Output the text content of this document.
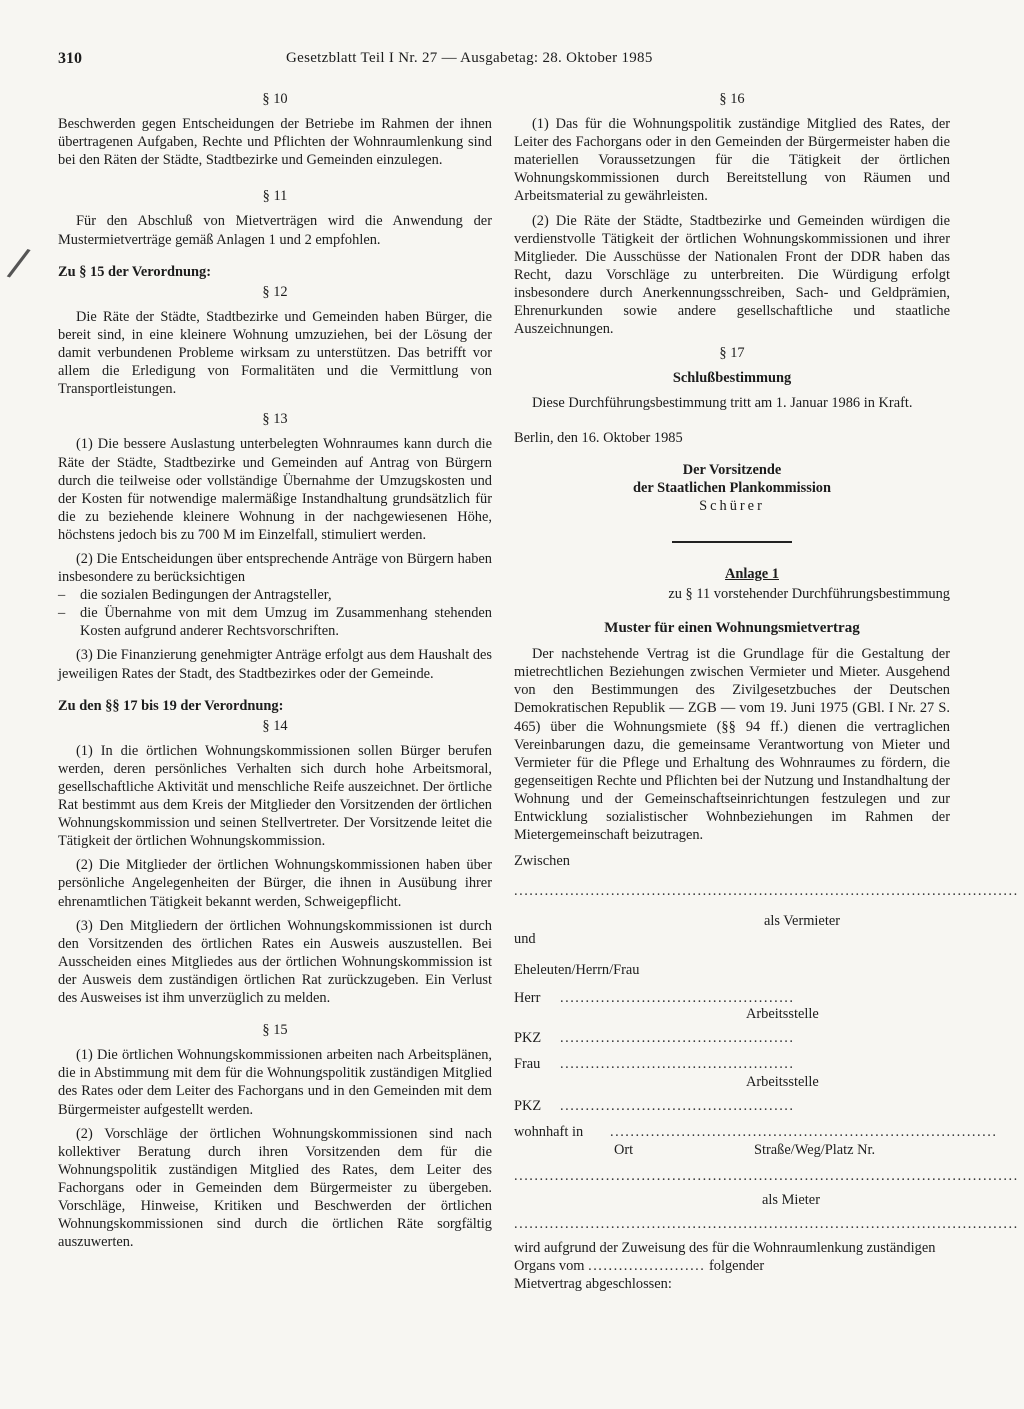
310	Gesetzblatt Teil I Nr. 27 — Ausgabetag: 28. Oktober 1985
/
§ 10

Beschwerden gegen Entscheidungen der Betriebe im Rahmen der ihnen übertragenen Aufgaben, Rechte und Pflichten der Wohnraumlenkung sind bei den Räten der Städte, Stadtbezirke und Gemeinden einzulegen.

§ 11

Für den Abschluß von Mietverträgen wird die Anwendung der Mustermietverträge gemäß Anlagen 1 und 2 empfohlen.

Zu § 15 der Verordnung:
§ 12

Die Räte der Städte, Stadtbezirke und Gemeinden haben Bürger, die bereit sind, in eine kleinere Wohnung umzuziehen, bei der Lösung der damit verbundenen Probleme wirksam zu unterstützen. Das betrifft vor allem die Erledigung von Formalitäten und die Vermittlung von Transportleistungen.

§ 13

(1) Die bessere Auslastung unterbelegten Wohnraumes kann durch die Räte der Städte, Stadtbezirke und Gemeinden auf Antrag von Bürgern durch die teilweise oder vollständige Übernahme der Umzugskosten und der Kosten für notwendige malermäßige Instandhaltung grundsätzlich für die zu beziehende kleinere Wohnung in der nachgewiesenen Höhe, höchstens jedoch bis zu 700 M im Einzelfall, stimuliert werden.

(2) Die Entscheidungen über entsprechende Anträge von Bürgern haben insbesondere zu berücksichtigen

– die sozialen Bedingungen der Antragsteller,
– die Übernahme von mit dem Umzug im Zusammenhang stehenden Kosten aufgrund anderer Rechtsvorschriften.

(3) Die Finanzierung genehmigter Anträge erfolgt aus dem Haushalt des jeweiligen Rates der Stadt, des Stadtbezirkes oder der Gemeinde.

Zu den §§ 17 bis 19 der Verordnung:
§ 14

(1) In die örtlichen Wohnungskommissionen sollen Bürger berufen werden, deren persönliches Verhalten sich durch hohe Arbeitsmoral, gesellschaftliche Aktivität und menschliche Reife auszeichnet. Der örtliche Rat bestimmt aus dem Kreis der Mitglieder den Vorsitzenden der örtlichen Wohnungskommission und seinen Stellvertreter. Der Vorsitzende leitet die Tätigkeit der örtlichen Wohnungskommission.

(2) Die Mitglieder der örtlichen Wohnungskommissionen haben über persönliche Angelegenheiten der Bürger, die ihnen in Ausübung ihrer ehrenamtlichen Tätigkeit bekannt werden, Schweigepflicht.

(3) Den Mitgliedern der örtlichen Wohnungskommissionen ist durch den Vorsitzenden des örtlichen Rates ein Ausweis auszustellen. Bei Ausscheiden eines Mitgliedes aus der örtlichen Wohnungskommission ist der Ausweis dem zuständigen örtlichen Rat zurückzugeben. Ein Verlust des Ausweises ist ihm unverzüglich zu melden.

§ 15

(1) Die örtlichen Wohnungskommissionen arbeiten nach Arbeitsplänen, die in Abstimmung mit dem für die Wohnungspolitik zuständigen Mitglied des Rates oder dem Leiter des Fachorgans und in den Gemeinden mit dem Bürgermeister aufgestellt werden.

(2) Vorschläge der örtlichen Wohnungskommissionen sind nach kollektiver Beratung durch ihren Vorsitzenden dem für die Wohnungspolitik zuständigen Mitglied des Rates, dem Leiter des Fachorgans oder in Gemeinden dem Bürgermeister zu übergeben. Vorschläge, Hinweise, Kritiken und Beschwerden der örtlichen Wohnungskommissionen sind durch die örtlichen Räte sorgfältig auszuwerten.

§ 16

(1) Das für die Wohnungspolitik zuständige Mitglied des Rates, der Leiter des Fachorgans oder in den Gemeinden der Bürgermeister haben die materiellen Voraussetzungen für die Tätigkeit der örtlichen Wohnungskommissionen durch Bereitstellung von Räumen und Arbeitsmaterial zu gewährleisten.

(2) Die Räte der Städte, Stadtbezirke und Gemeinden würdigen die verdienstvolle Tätigkeit der örtlichen Wohnungskommissionen und ihrer Mitglieder. Die Ausschüsse der Nationalen Front der DDR haben das Recht, dazu Vorschläge zu unterbreiten. Die Würdigung erfolgt insbesondere durch Anerkennungsschreiben, Sach- und Geldprämien, Ehrenurkunden sowie andere gesellschaftliche und staatliche Auszeichnungen.

§ 17
Schlußbestimmung

Diese Durchführungsbestimmung tritt am 1. Januar 1986 in Kraft.

Berlin, den 16. Oktober 1985

Der Vorsitzende
der Staatlichen Plankommission
Schürer
Anlage 1
zu § 11 vorstehender Durchführungsbestimmung
Muster für einen Wohnungsmietvertrag

Der nachstehende Vertrag ist die Grundlage für die Gestaltung der mietrechtlichen Beziehungen zwischen Vermieter und Mieter. Ausgehend von den Bestimmungen des Zivilgesetzbuches der Deutschen Demokratischen Republik — ZGB — vom 19. Juni 1975 (GBl. I Nr. 27 S. 465) über die Wohnungsmiete (§§ 94 ff.) dienen die vertraglichen Vereinbarungen dazu, die gemeinsame Verantwortung von Mieter und Vermieter für die Pflege und Erhaltung des Wohnraumes zu fördern, die gegenseitigen Rechte und Pflichten bei der Nutzung und Instandhaltung der Wohnung und der Gemeinschaftseinrichtungen festzulegen und zur Entwicklung sozialistischer Wohnbeziehungen im Rahmen der Mietergemeinschaft beizutragen.

Zwischen
...................................................................................................
als Vermieter
und
Eheleuten/Herrn/Frau
Herr ..............................................
Arbeitsstelle
PKZ ..............................................
Frau ..............................................
Arbeitsstelle
PKZ ..............................................
wohnhaft in ............................................................................
Ort	Straße/Weg/Platz Nr.
...................................................................................................
als Mieter
...................................................................................................
wird aufgrund der Zuweisung des für die Wohnraumlenkung zuständigen Organs vom ....................... folgender
Mietvertrag abgeschlossen:
